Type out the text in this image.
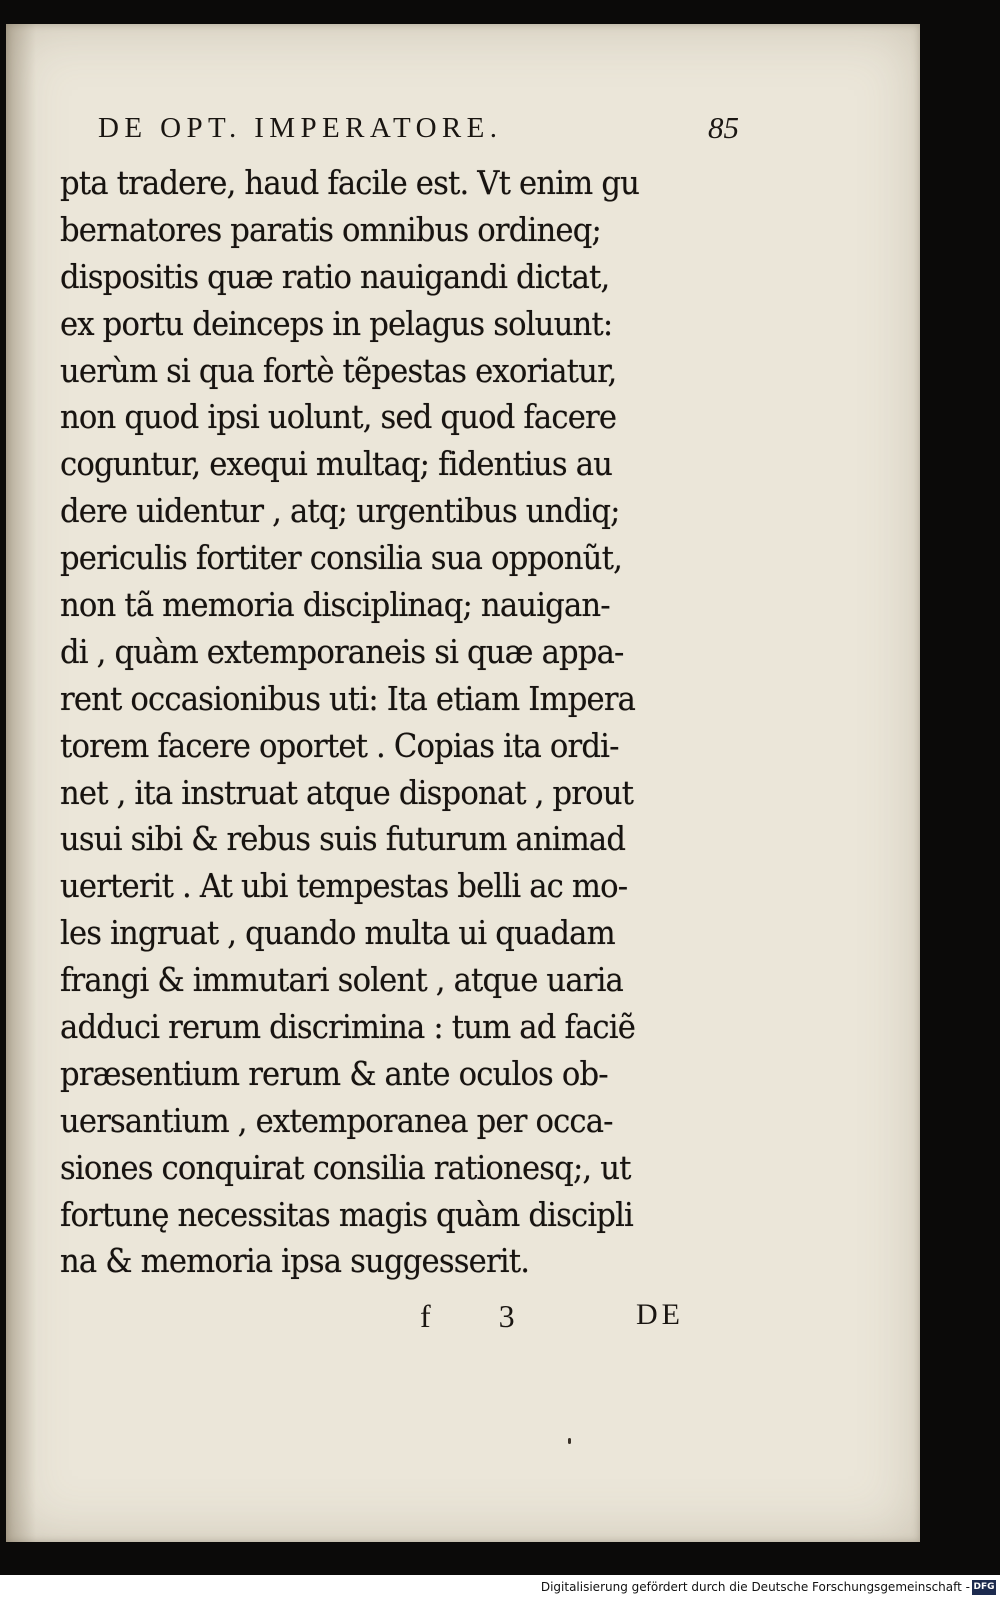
DE OPT. IMPERATORE.	85
pta tradere, haud facile est. Vt enim gu
bernatores paratis omnibus ordineq;
dispositis quæ ratio nauigandi dictat,
ex portu deinceps in pelagus soluunt:
uerùm si qua fortè tẽpestas exoriatur,
non quod ipsi uolunt, sed quod facere
coguntur, exequi multaq; fidentius au
dere uidentur , atq; urgentibus undiq;
periculis fortiter consilia sua opponũt,
non tã memoria disciplinaq; nauigan-
di , quàm extemporaneis si quæ appa-
rent occasionibus uti: Ita etiam Impera
torem facere oportet . Copias ita ordi-
net , ita instruat atque disponat , prout
usui sibi & rebus suis futurum animad
uerterit . At ubi tempestas belli ac mo-
les ingruat , quando multa ui quadam
frangi & immutari solent , atque uaria
adduci rerum discrimina : tum ad faciẽ
præsentium rerum & ante oculos ob-
uersantium , extemporanea per occa-
siones conquirat consilia rationesq;, ut
fortunę necessitas magis quàm discipli
na & memoria ipsa suggesserit.
f 3	DE
Digitalisierung gefördert durch die Deutsche Forschungsgemeinschaft - DFG
